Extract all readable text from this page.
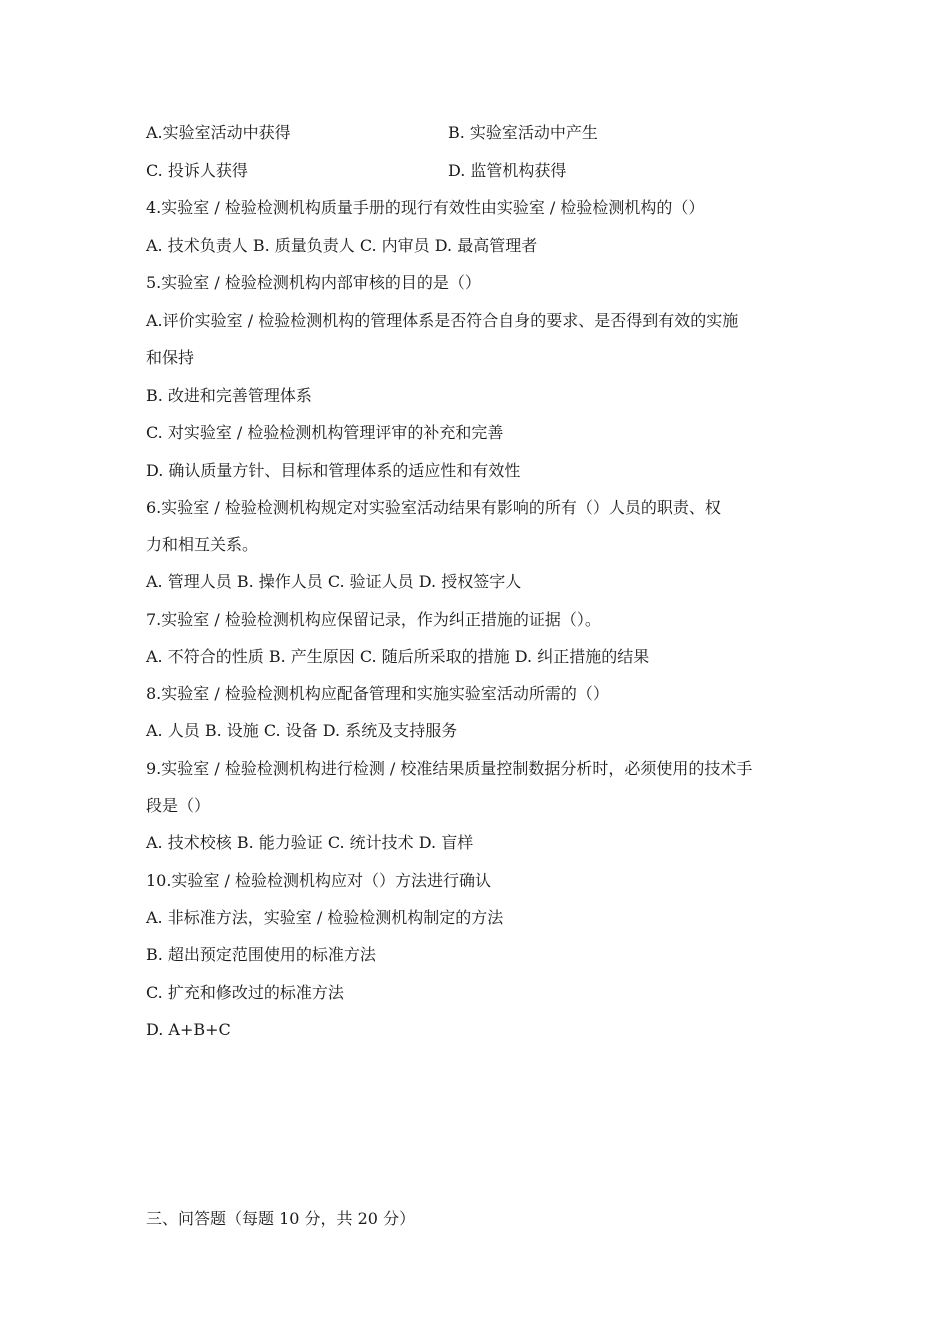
A.实验室活动中获得	B. 实验室活动中产生
C. 投诉人获得	D. 监管机构获得
4.实验室 / 检验检测机构质量手册的现行有效性由实验室 / 检验检测机构的（）
A. 技术负责人 B. 质量负责人 C. 内审员 D. 最高管理者
5.实验室 / 检验检测机构内部审核的目的是（）
A.评价实验室 / 检验检测机构的管理体系是否符合自身的要求、是否得到有效的实施
和保持
B. 改进和完善管理体系
C. 对实验室 / 检验检测机构管理评审的补充和完善
D. 确认质量方针、目标和管理体系的适应性和有效性
6.实验室 / 检验检测机构规定对实验室活动结果有影响的所有（）人员的职责、权
力和相互关系。
A. 管理人员 B. 操作人员 C. 验证人员 D. 授权签字人
7.实验室 / 检验检测机构应保留记录，作为纠正措施的证据（）。
A. 不符合的性质 B. 产生原因 C. 随后所采取的措施 D. 纠正措施的结果
8.实验室 / 检验检测机构应配备管理和实施实验室活动所需的（）
A. 人员 B. 设施 C. 设备 D. 系统及支持服务
9.实验室 / 检验检测机构进行检测 / 校准结果质量控制数据分析时，必须使用的技术手
段是（）
A. 技术校核 B. 能力验证 C. 统计技术 D. 盲样
10.实验室 / 检验检测机构应对（）方法进行确认
A. 非标准方法，实验室 / 检验检测机构制定的方法
B. 超出预定范围使用的标准方法
C. 扩充和修改过的标准方法
D. A+B+C
三、问答题（每题 10 分，共 20 分）
